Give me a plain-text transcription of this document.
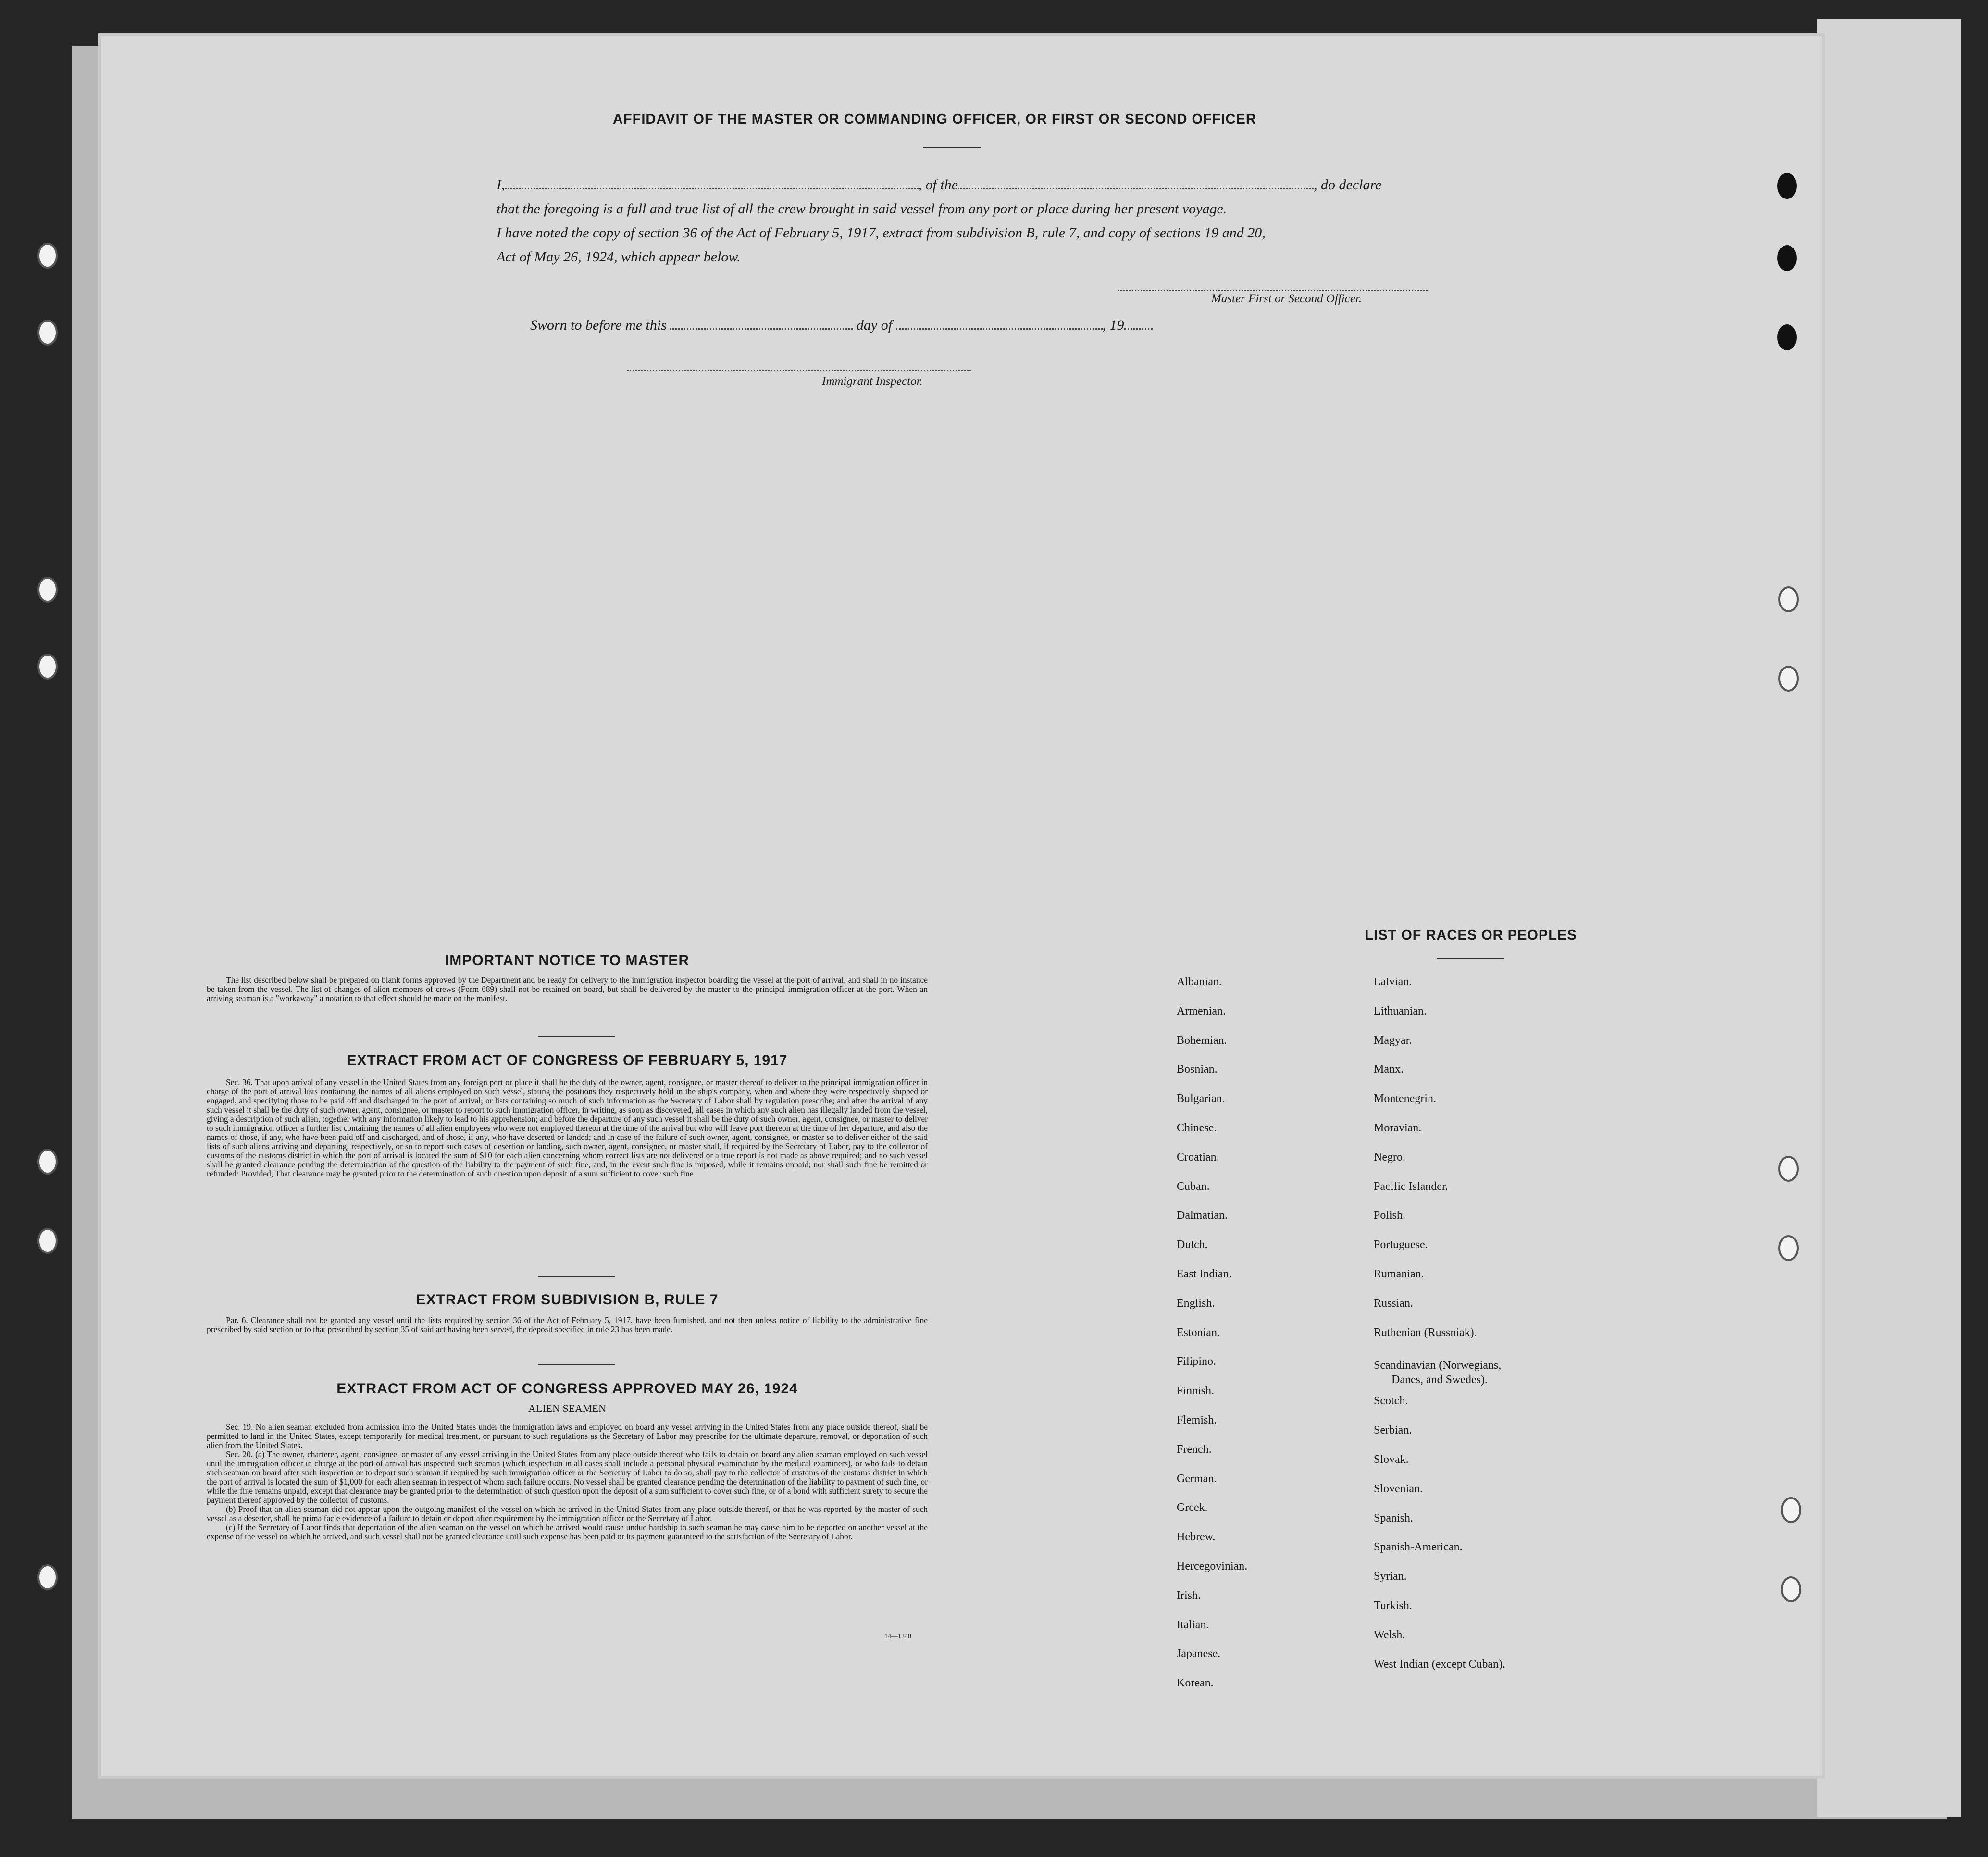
AFFIDAVIT OF THE MASTER OR COMMANDING OFFICER, OR FIRST OR SECOND OFFICER
I,	, of the	, do declare
that the foregoing is a full and true list of all the crew brought in said vessel from any port or place during her present voyage.
I have noted the copy of section 36 of the Act of February 5, 1917, extract from subdivision B, rule 7, and copy of sections 19 and 20,
Act of May 26, 1924, which appear below.
Master First or Second Officer.
Sworn to before me this	day of	, 19
Immigrant Inspector.
IMPORTANT NOTICE TO MASTER

The list described below shall be prepared on blank forms approved by the Department and be ready for delivery to the immigration inspector boarding the vessel at the port of arrival, and shall in no instance be taken from the vessel. The list of changes of alien members of crews (Form 689) shall not be retained on board, but shall be delivered by the master to the principal immigration officer at the port. When an arriving seaman is a "workaway" a notation to that effect should be made on the manifest.

EXTRACT FROM ACT OF CONGRESS OF FEBRUARY 5, 1917

Sec. 36. That upon arrival of any vessel in the United States from any foreign port or place it shall be the duty of the owner, agent, consignee, or master thereof to deliver to the principal immigration officer in charge of the port of arrival lists containing the names of all aliens employed on such vessel, stating the positions they respectively hold in the ship's company, when and where they were respectively shipped or engaged, and specifying those to be paid off and discharged in the port of arrival; or lists containing so much of such information as the Secretary of Labor shall by regulation prescribe; and after the arrival of any such vessel it shall be the duty of such owner, agent, consignee, or master to report to such immigration officer, in writing, as soon as discovered, all cases in which any such alien has illegally landed from the vessel, giving a description of such alien, together with any information likely to lead to his apprehension; and before the departure of any such vessel it shall be the duty of such owner, agent, consignee, or master to deliver to such immigration officer a further list containing the names of all alien employees who were not employed thereon at the time of the arrival but who will leave port thereon at the time of her departure, and also the names of those, if any, who have been paid off and discharged, and of those, if any, who have deserted or landed; and in case of the failure of such owner, agent, consignee, or master so to deliver either of the said lists of such aliens arriving and departing, respectively, or so to report such cases of desertion or landing, such owner, agent, consignee, or master shall, if required by the Secretary of Labor, pay to the collector of customs of the customs district in which the port of arrival is located the sum of $10 for each alien concerning whom correct lists are not delivered or a true report is not made as above required; and no such vessel shall be granted clearance pending the determination of the question of the liability to the payment of such fine, and, in the event such fine is imposed, while it remains unpaid; nor shall such fine be remitted or refunded: Provided, That clearance may be granted prior to the determination of such question upon deposit of a sum sufficient to cover such fine.

EXTRACT FROM SUBDIVISION B, RULE 7

Par. 6. Clearance shall not be granted any vessel until the lists required by section 36 of the Act of February 5, 1917, have been furnished, and not then unless notice of liability to the administrative fine prescribed by said section or to that prescribed by section 35 of said act having been served, the deposit specified in rule 23 has been made.

EXTRACT FROM ACT OF CONGRESS APPROVED MAY 26, 1924
ALIEN SEAMEN

Sec. 19. No alien seaman excluded from admission into the United States under the immigration laws and employed on board any vessel arriving in the United States from any place outside thereof, shall be permitted to land in the United States, except temporarily for medical treatment, or pursuant to such regulations as the Secretary of Labor may prescribe for the ultimate departure, removal, or deportation of such alien from the United States.

Sec. 20. (a) The owner, charterer, agent, consignee, or master of any vessel arriving in the United States from any place outside thereof who fails to detain on board any alien seaman employed on such vessel until the immigration officer in charge at the port of arrival has inspected such seaman (which inspection in all cases shall include a personal physical examination by the medical examiners), or who fails to detain such seaman on board after such inspection or to deport such seaman if required by such immigration officer or the Secretary of Labor to do so, shall pay to the collector of customs of the customs district in which the port of arrival is located the sum of $1,000 for each alien seaman in respect of whom such failure occurs. No vessel shall be granted clearance pending the determination of the liability to payment of such fine, or while the fine remains unpaid, except that clearance may be granted prior to the determination of such question upon the deposit of a sum sufficient to cover such fine, or of a bond with sufficient surety to secure the payment thereof approved by the collector of customs.

(b) Proof that an alien seaman did not appear upon the outgoing manifest of the vessel on which he arrived in the United States from any place outside thereof, or that he was reported by the master of such vessel as a deserter, shall be prima facie evidence of a failure to detain or deport after requirement by the immigration officer or the Secretary of Labor.

(c) If the Secretary of Labor finds that deportation of the alien seaman on the vessel on which he arrived would cause undue hardship to such seaman he may cause him to be deported on another vessel at the expense of the vessel on which he arrived, and such vessel shall not be granted clearance until such expense has been paid or its payment guaranteed to the satisfaction of the Secretary of Labor.

14—1240
LIST OF RACES OR PEOPLES
Albanian.
Armenian.
Bohemian.
Bosnian.
Bulgarian.
Chinese.
Croatian.
Cuban.
Dalmatian.
Dutch.
East Indian.
English.
Estonian.
Filipino.
Finnish.
Flemish.
French.
German.
Greek.
Hebrew.
Hercegovinian.
Irish.
Italian.
Japanese.
Korean.
Latvian.
Lithuanian.
Magyar.
Manx.
Montenegrin.
Moravian.
Negro.
Pacific Islander.
Polish.
Portuguese.
Rumanian.
Russian.
Ruthenian (Russniak).
Scandinavian (Norwegians,
Scotch.
Serbian.
Slovak.
Slovenian.
Spanish.
Spanish-American.
Syrian.
Turkish.
Welsh.
West Indian (except Cuban).
Danes, and Swedes).
